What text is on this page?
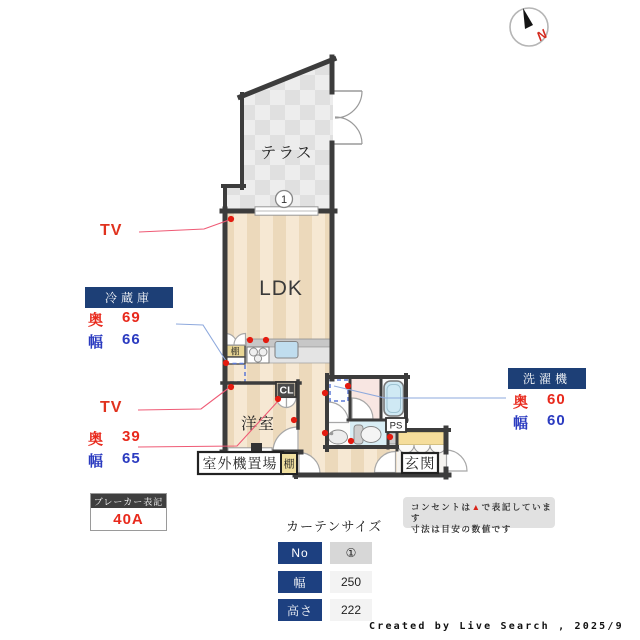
テラス
LDK
洋室
玄関
室外機置場 棚
棚
CL
PS
1
N
TV
冷蔵庫
奥	69
幅	66
TV
奥	39
幅	65
洗濯機
奥	60
幅	60
ブレーカー表記
40A	カーテンサイズ
No	①
幅	250
高さ	222
コンセントは▲で表記しています
寸法は目安の数値です
Created by Live Search , 2025/9
